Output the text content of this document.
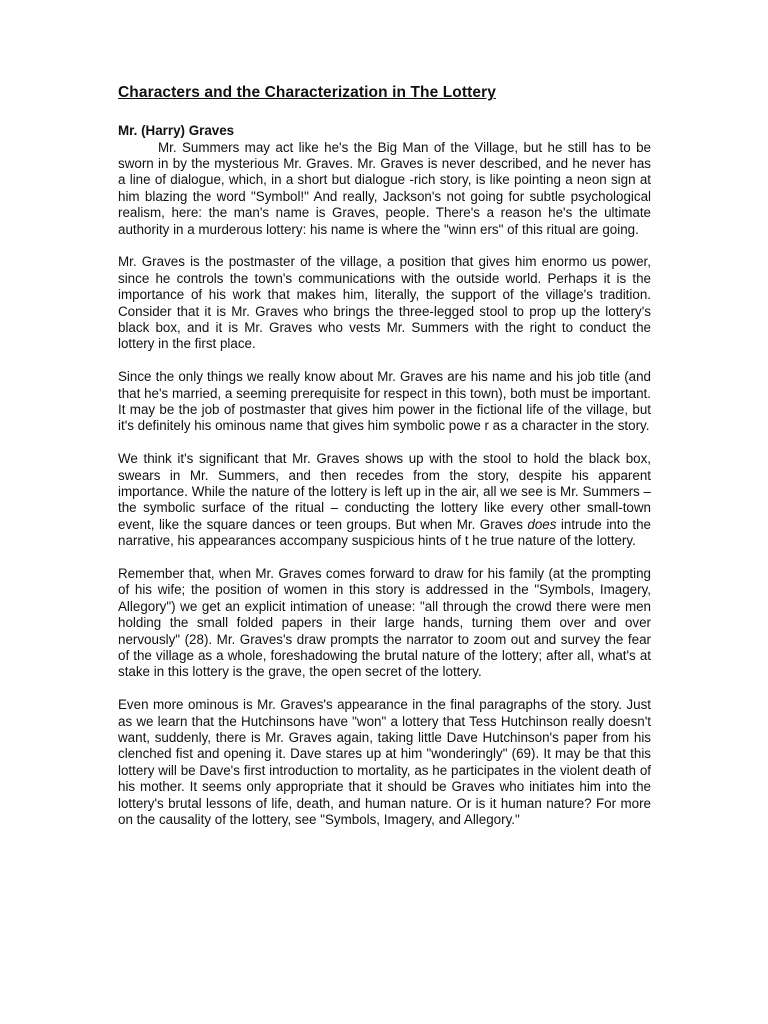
Characters and the Characterization in The Lottery
Mr. (Harry) Graves

Mr. Summers may act like he's the Big Man of the Village, but he still has to be sworn in by the mysterious Mr. Graves. Mr. Graves is never described, and he never has a line of dialogue, which, in a short but dialogue -rich story, is like pointing a neon sign at him blazing the word "Symbol!" And really, Jackson's not going for subtle psychological realism, here: the man's name is Graves, people. There's a reason he's the ultimate authority in a murderous lottery: his name is where the "winn ers" of this ritual are going.

Mr. Graves is the postmaster of the village, a position that gives him enormo us power, since he controls the town's communications with the outside world. Perhaps it is the importance of his work that makes him, literally, the support of the village's tradition. Consider that it is Mr. Graves who brings the three-legged stool to prop up the lottery's black box, and it is Mr. Graves who vests Mr. Summers with the right to conduct the lottery in the first place.

Since the only things we really know about Mr. Graves are his name and his job title (and that he's married, a seeming prerequisite for respect in this town), both must be important. It may be the job of postmaster that gives him power in the fictional life of the village, but it's definitely his ominous name that gives him symbolic powe r as a character in the story.

We think it's significant that Mr. Graves shows up with the stool to hold the black box, swears in Mr. Summers, and then recedes from the story, despite his apparent importance. While the nature of the lottery is left up in the air, all we see is Mr. Summers – the symbolic surface of the ritual – conducting the lottery like every other small-town event, like the square dances or teen groups. But when Mr. Graves does intrude into the narrative, his appearances accompany suspicious hints of t he true nature of the lottery.

Remember that, when Mr. Graves comes forward to draw for his family (at the prompting of his wife; the position of women in this story is addressed in the "Symbols, Imagery, Allegory") we get an explicit intimation of unease: "all through the crowd there were men holding the small folded papers in their large hands, turning them over and over nervously" (28). Mr. Graves's draw prompts the narrator to zoom out and survey the fear of the village as a whole, foreshadowing the brutal nature of the lottery; after all, what's at stake in this lottery is the grave, the open secret of the lottery.

Even more ominous is Mr. Graves's appearance in the final paragraphs of the story. Just as we learn that the Hutchinsons have "won" a lottery that Tess Hutchinson really doesn't want, suddenly, there is Mr. Graves again, taking little Dave Hutchinson's paper from his clenched fist and opening it. Dave stares up at him "wonderingly" (69). It may be that this lottery will be Dave's first introduction to mortality, as he participates in the violent death of his mother. It seems only appropriate that it should be Graves who initiates him into the lottery's brutal lessons of life, death, and human nature. Or is it human nature? For more on the causality of the lottery, see "Symbols, Imagery, and Allegory."
